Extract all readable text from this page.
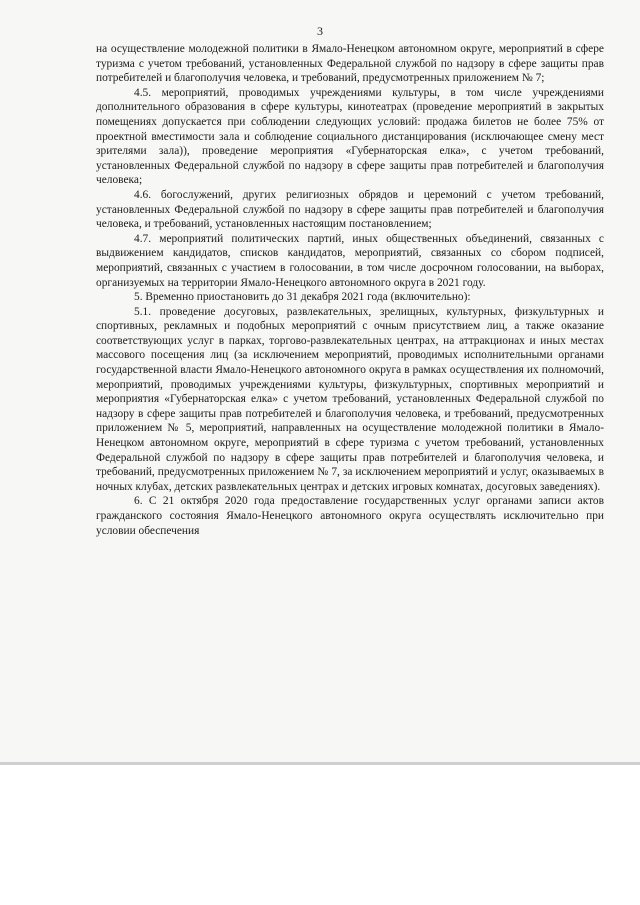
3

на осуществление молодежной политики в Ямало-Ненецком автономном округе, мероприятий в сфере туризма с учетом требований, установленных Федеральной службой по надзору в сфере защиты прав потребителей и благополучия человека, и требований, предусмотренных приложением № 7;

4.5. мероприятий, проводимых учреждениями культуры, в том числе учреждениями дополнительного образования в сфере культуры, кинотеатрах (проведение мероприятий в закрытых помещениях допускается при соблюдении следующих условий: продажа билетов не более 75% от проектной вместимости зала и соблюдение социального дистанцирования (исключающее смену мест зрителями зала)), проведение мероприятия «Губернаторская елка», с учетом требований, установленных Федеральной службой по надзору в сфере защиты прав потребителей и благополучия человека;

4.6. богослужений, других религиозных обрядов и церемоний с учетом требований, установленных Федеральной службой по надзору в сфере защиты прав потребителей и благополучия человека, и требований, установленных настоящим постановлением;

4.7. мероприятий политических партий, иных общественных объединений, связанных с выдвижением кандидатов, списков кандидатов, мероприятий, связанных со сбором подписей, мероприятий, связанных с участием в голосовании, в том числе досрочном голосовании, на выборах, организуемых на территории Ямало-Ненецкого автономного округа в 2021 году.

5. Временно приостановить до 31 декабря 2021 года (включительно):

5.1. проведение досуговых, развлекательных, зрелищных, культурных, физкультурных и спортивных, рекламных и подобных мероприятий с очным присутствием лиц, а также оказание соответствующих услуг в парках, торгово-развлекательных центрах, на аттракционах и иных местах массового посещения лиц (за исключением мероприятий, проводимых исполнительными органами государственной власти Ямало-Ненецкого автономного округа в рамках осуществления их полномочий, мероприятий, проводимых учреждениями культуры, физкультурных, спортивных мероприятий и мероприятия «Губернаторская елка» с учетом требований, установленных Федеральной службой по надзору в сфере защиты прав потребителей и благополучия человека, и требований, предусмотренных приложением № 5, мероприятий, направленных на осуществление молодежной политики в Ямало-Ненецком автономном округе, мероприятий в сфере туризма с учетом требований, установленных Федеральной службой по надзору в сфере защиты прав потребителей и благополучия человека, и требований, предусмотренных приложением № 7, за исключением мероприятий и услуг, оказываемых в ночных клубах, детских развлекательных центрах и детских игровых комнатах, досуговых заведениях).

6. С 21 октября 2020 года предоставление государственных услуг органами записи актов гражданского состояния Ямало-Ненецкого автономного округа осуществлять исключительно при условии обеспечения
